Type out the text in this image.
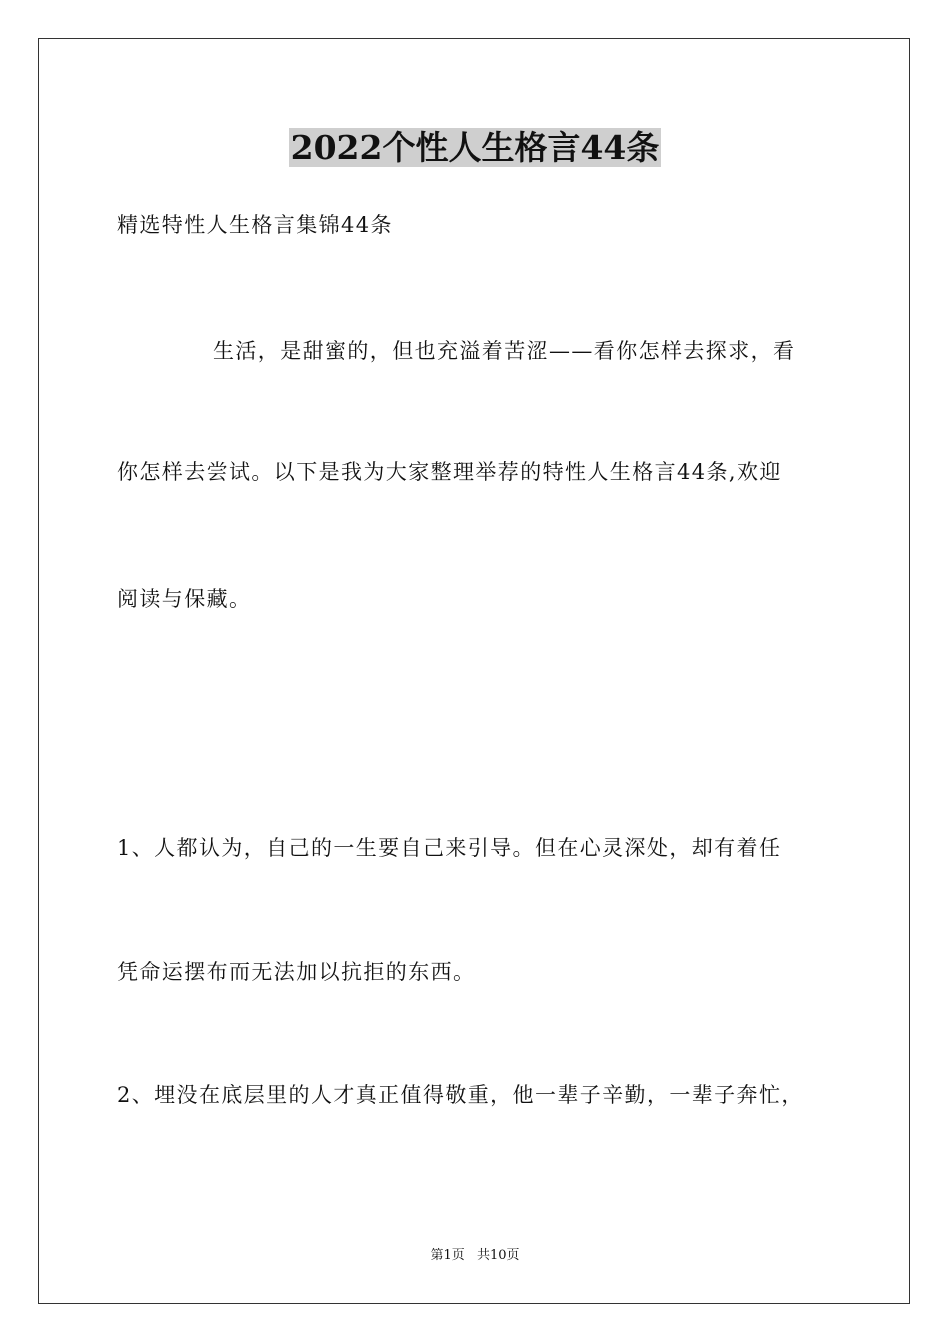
2022个性人生格言44条
精选特性人生格言集锦44条
生活，是甜蜜的，但也充溢着苦涩——看你怎样去探求，看
你怎样去尝试。以下是我为大家整理举荐的特性人生格言44条,欢迎
阅读与保藏。
1、人都认为，自己的一生要自己来引导。但在心灵深处，却有着任
凭命运摆布而无法加以抗拒的东西。
2、埋没在底层里的人才真正值得敬重，他一辈子辛勤，一辈子奔忙，
第1页 共10页
